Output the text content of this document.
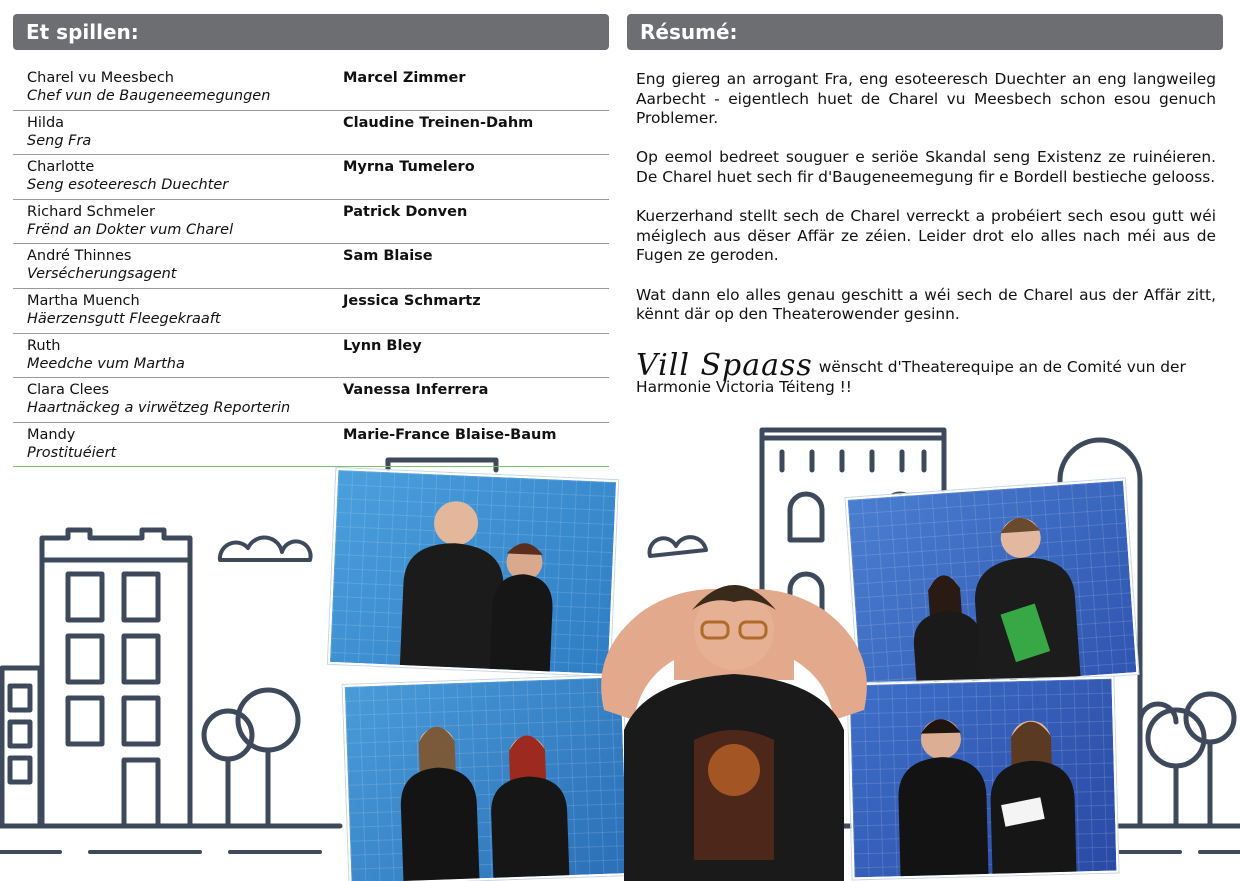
Et spillen:	Résumé:
Charel vu Meesbech
Chef vun de Baugeneemegungen
Marcel Zimmer
Hilda
Seng Fra
Claudine Treinen-Dahm
Charlotte
Seng esoteeresch Duechter
Myrna Tumelero
Richard Schmeler
Frënd an Dokter vum Charel
Patrick Donven
André Thinnes
Versécherungsagent
Sam Blaise
Martha Muench
Häerzensgutt Fleegekraaft
Jessica Schmartz
Ruth
Meedche vum Martha
Lynn Bley
Clara Clees
Haartnäckeg a virwëtzeg Reporterin
Vanessa Inferrera
Mandy
Prostituéiert
Marie-France Blaise-Baum

Eng giereg an arrogant Fra, eng esoteeresch Duechter an eng langweileg Aarbecht - eigentlech huet de Charel vu Meesbech schon esou genuch Problemer.

Op eemol bedreet souguer e seriöe Skandal seng Existenz ze ruinéieren. De Charel huet sech fir d'Baugeneemegung fir e Bordell bestieche gelooss.

Kuerzerhand stellt sech de Charel verreckt a probéiert sech esou gutt wéi méiglech aus dëser Affär ze zéien. Leider drot elo alles nach méi aus de Fugen ze geroden.

Wat dann elo alles genau geschitt a wéi sech de Charel aus der Affär zitt, kënnt där op den Theaterowender gesinn.

Vill Spaass wënscht d'Theaterequipe an de Comité vun der Harmonie Victoria Téiteng !!
